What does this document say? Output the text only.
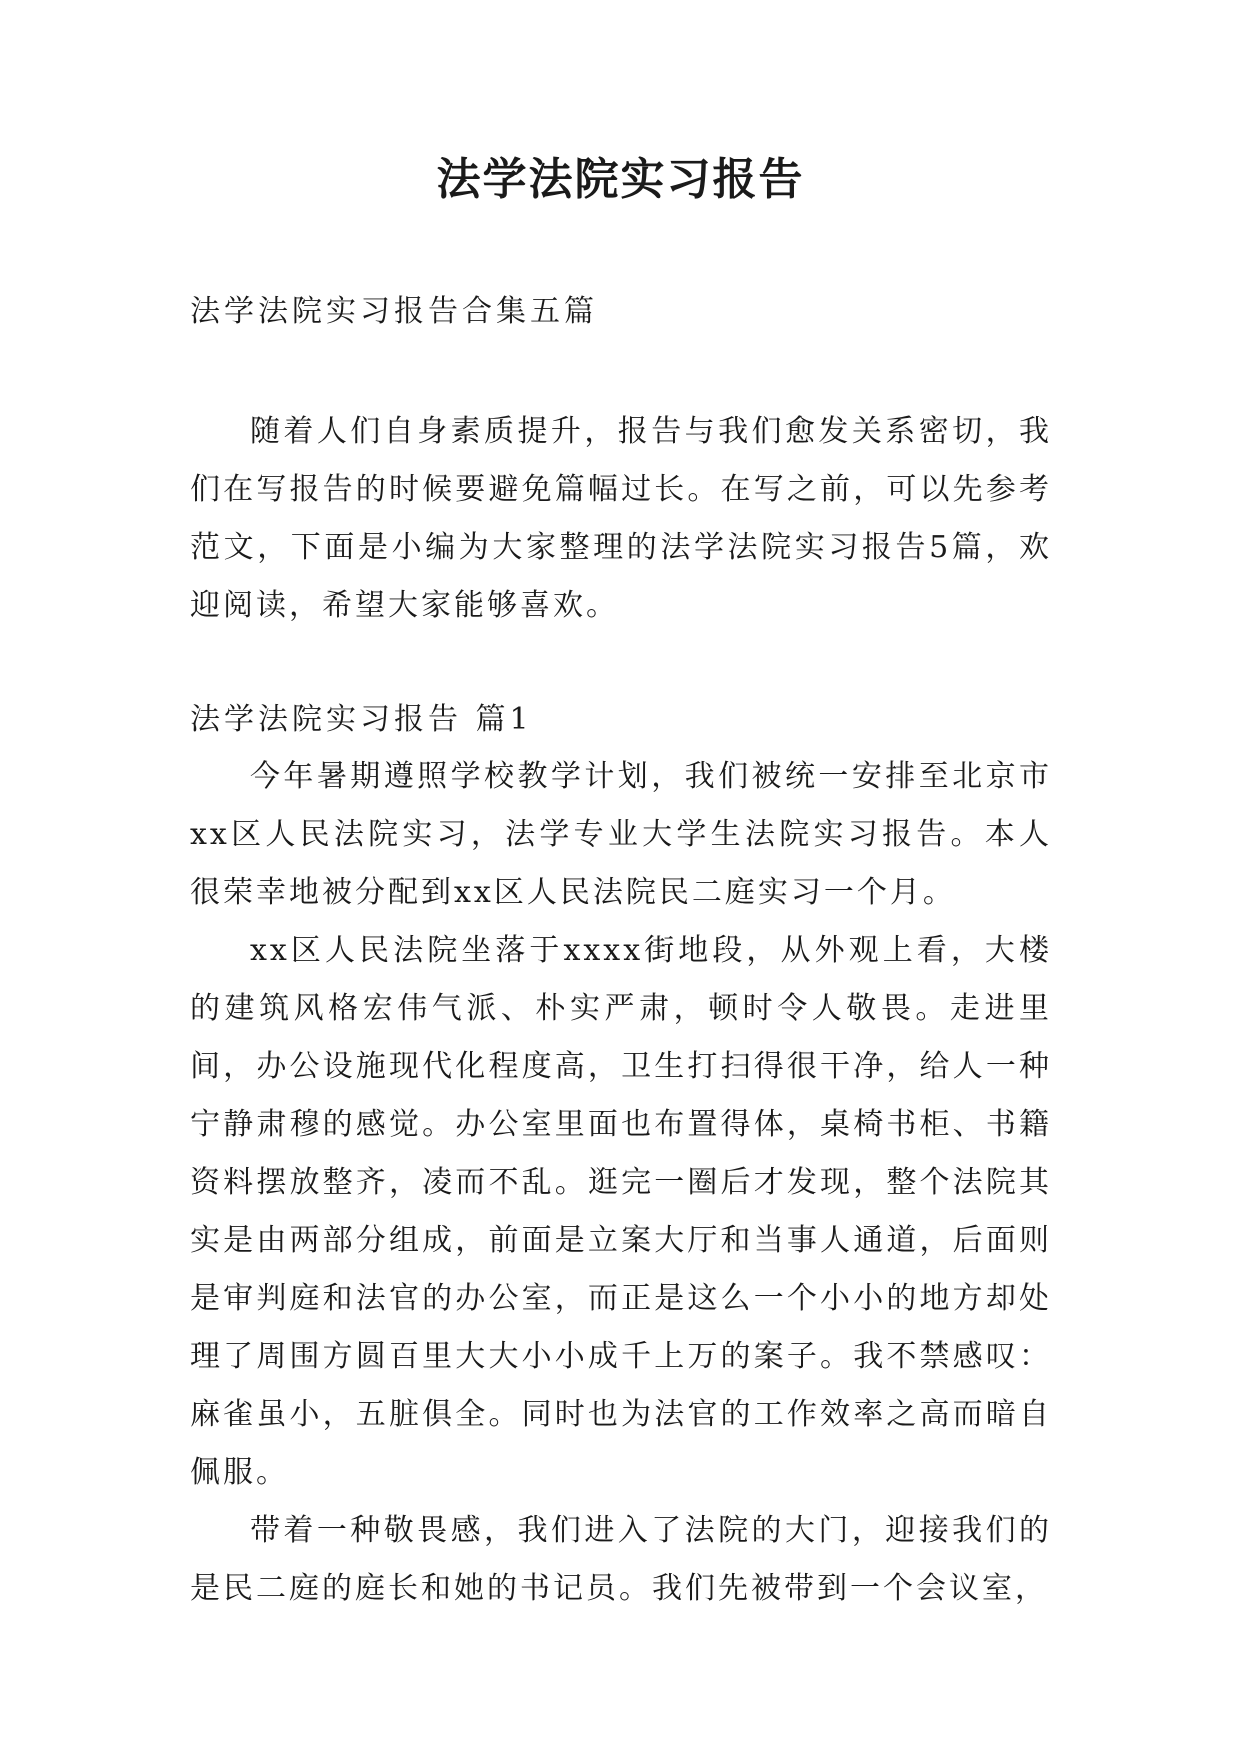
法学法院实习报告

法学法院实习报告合集五篇

随着人们自身素质提升，报告与我们愈发关系密切，我们在写报告的时候要避免篇幅过长。在写之前，可以先参考范文，下面是小编为大家整理的法学法院实习报告5篇，欢迎阅读，希望大家能够喜欢。

法学法院实习报告 篇1

今年暑期遵照学校教学计划，我们被统一安排至北京市xx区人民法院实习，法学专业大学生法院实习报告。本人很荣幸地被分配到xx区人民法院民二庭实习一个月。

xx区人民法院坐落于xxxx街地段，从外观上看，大楼的建筑风格宏伟气派、朴实严肃，顿时令人敬畏。走进里间，办公设施现代化程度高，卫生打扫得很干净，给人一种宁静肃穆的感觉。办公室里面也布置得体，桌椅书柜、书籍资料摆放整齐，凌而不乱。逛完一圈后才发现，整个法院其实是由两部分组成，前面是立案大厅和当事人通道，后面则是审判庭和法官的办公室，而正是这么一个小小的地方却处理了周围方圆百里大大小小成千上万的案子。我不禁感叹：麻雀虽小，五脏俱全。同时也为法官的工作效率之高而暗自佩服。

带着一种敬畏感，我们进入了法院的大门，迎接我们的是民二庭的庭长和她的书记员。我们先被带到一个会议室，
